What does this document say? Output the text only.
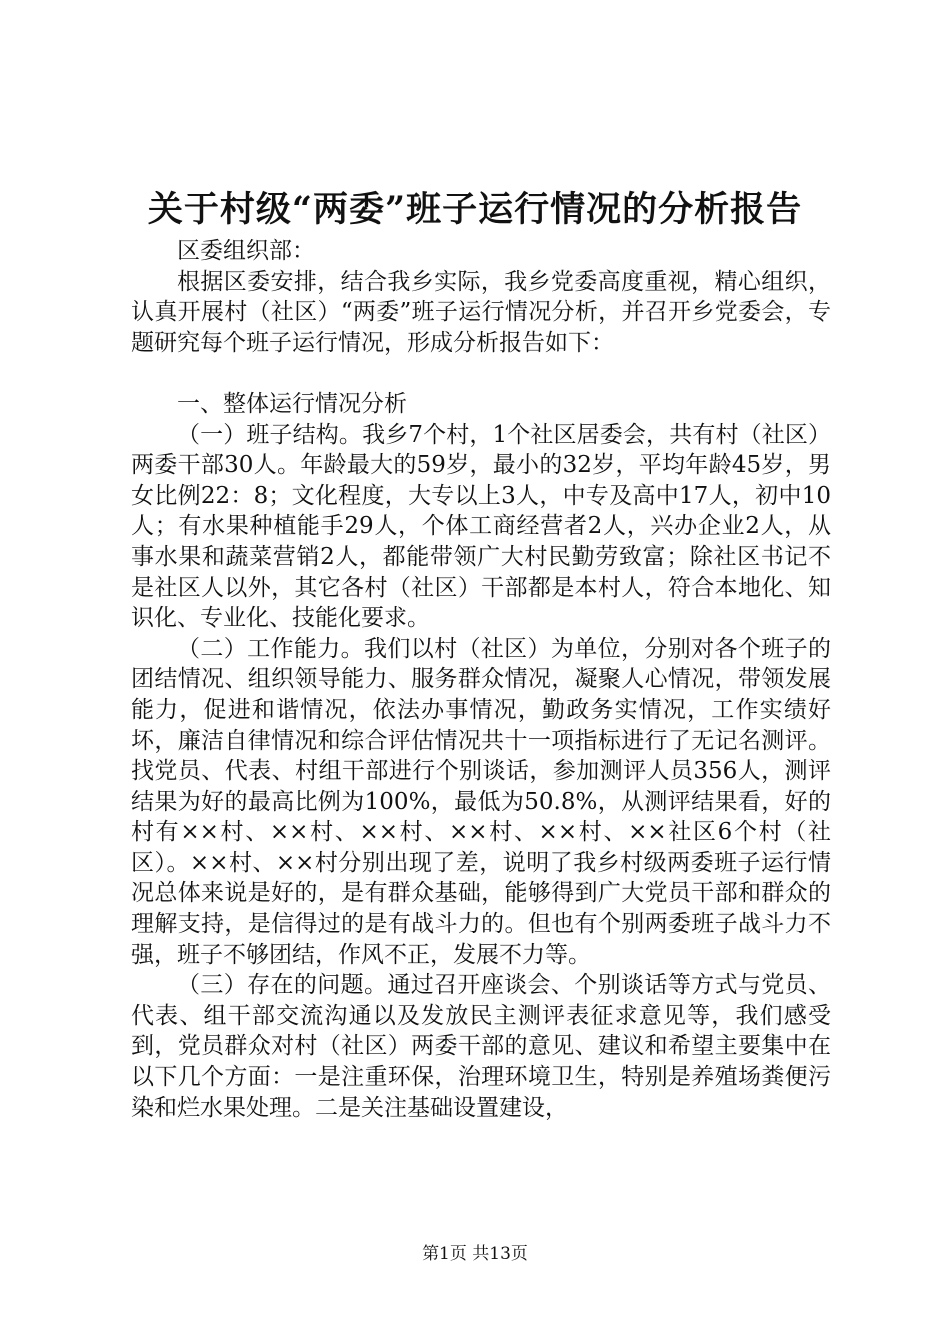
关于村级“两委”班子运行情况的分析报告

区委组织部：

根据区委安排，结合我乡实际，我乡党委高度重视，精心组织，认真开展村（社区）“两委”班子运行情况分析，并召开乡党委会，专题研究每个班子运行情况，形成分析报告如下：

一、整体运行情况分析

（一）班子结构。我乡7个村，1个社区居委会，共有村（社区）两委干部30人。年龄最大的59岁，最小的32岁，平均年龄45岁，男女比例22：8；文化程度，大专以上3人，中专及高中17人，初中10人；有水果种植能手29人，个体工商经营者2人，兴办企业2人，从事水果和蔬菜营销2人，都能带领广大村民勤劳致富；除社区书记不是社区人以外，其它各村（社区）干部都是本村人，符合本地化、知识化、专业化、技能化要求。

（二）工作能力。我们以村（社区）为单位，分别对各个班子的团结情况、组织领导能力、服务群众情况，凝聚人心情况，带领发展能力，促进和谐情况，依法办事情况，勤政务实情况，工作实绩好坏，廉洁自律情况和综合评估情况共十一项指标进行了无记名测评。找党员、代表、村组干部进行个别谈话，参加测评人员356人，测评结果为好的最高比例为100%，最低为50.8%，从测评结果看，好的村有××村、××村、××村、××村、××村、××社区6个村（社区）。××村、××村分别出现了差，说明了我乡村级两委班子运行情况总体来说是好的，是有群众基础，能够得到广大党员干部和群众的理解支持，是信得过的是有战斗力的。但也有个别两委班子战斗力不强，班子不够团结，作风不正，发展不力等。

（三）存在的问题。通过召开座谈会、个别谈话等方式与党员、代表、组干部交流沟通以及发放民主测评表征求意见等，我们感受到，党员群众对村（社区）两委干部的意见、建议和希望主要集中在以下几个方面：一是注重环保，治理环境卫生，特别是养殖场粪便污染和烂水果处理。二是关注基础设置建设，

第1页 共13页
